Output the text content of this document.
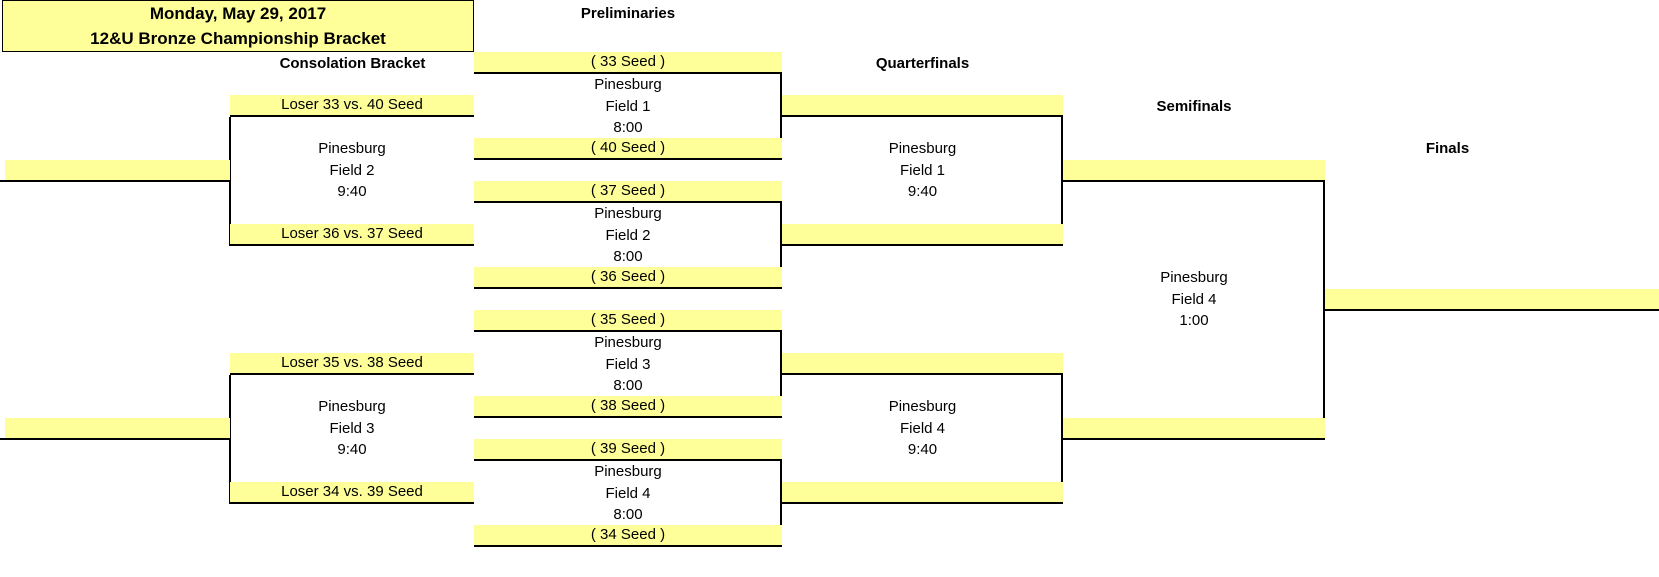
Monday, May 29, 2017
12&U Bronze Championship Bracket
Preliminaries
Consolation Bracket	Quarterfinals
Semifinals
Finals
( 33 Seed )
Pinesburg
Field 1
8:00
( 40 Seed )
( 37 Seed )
Pinesburg
Field 2
8:00
( 36 Seed )
( 35 Seed )
Pinesburg
Field 3
8:00
( 38 Seed )
( 39 Seed )
Pinesburg
Field 4
8:00
( 34 Seed )
Loser 33 vs. 40 Seed
Pinesburg
Field 2
9:40
Loser 36 vs. 37 Seed
Loser 35 vs. 38 Seed
Pinesburg
Field 3
9:40
Loser 34 vs. 39 Seed
Pinesburg
Field 1
9:40
Pinesburg
Field 4
9:40
Pinesburg
Field 4
1:00
